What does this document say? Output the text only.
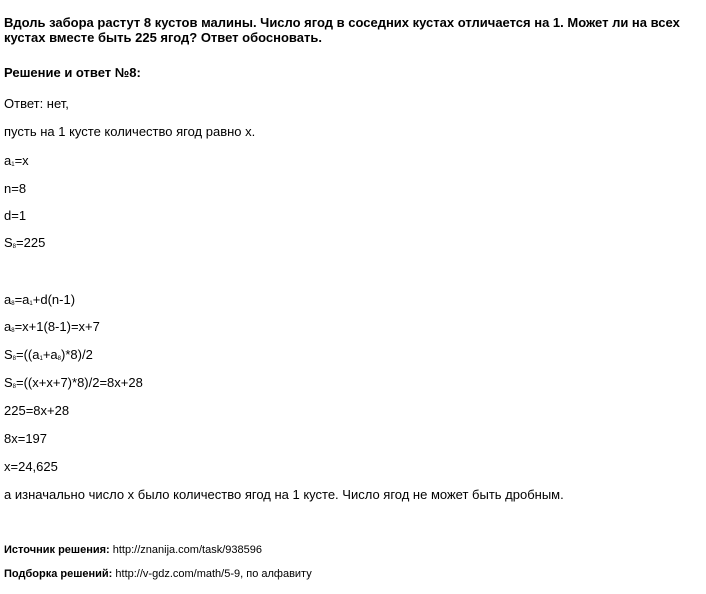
Вдоль забора растут 8 кустов малины. Число ягод в соседних кустах отличается на 1. Может ли на всех кустах вместе быть 225 ягод? Ответ обосновать.

Решение и ответ №8:

Ответ: нет,
пусть на 1 кусте количество ягод равно х.
$a_1=х$
n=8
d=1
$S_8=225$
$a_8=a_1+d(n-1)$
$a_8=x+1(8-1)=x+7$
$S_8=((a_1+a_8)*8)/2$
$S_8=((x+x+7)*8)/2=8x+28$
225=8x+28
8x=197
x=24,625
а изначально число х было количество ягод на 1 кусте. Число ягод не может быть дробным.
Источник решения: http://znanija.com/task/938596
Подборка решений: http://v-gdz.com/math/5-9, по алфавиту
